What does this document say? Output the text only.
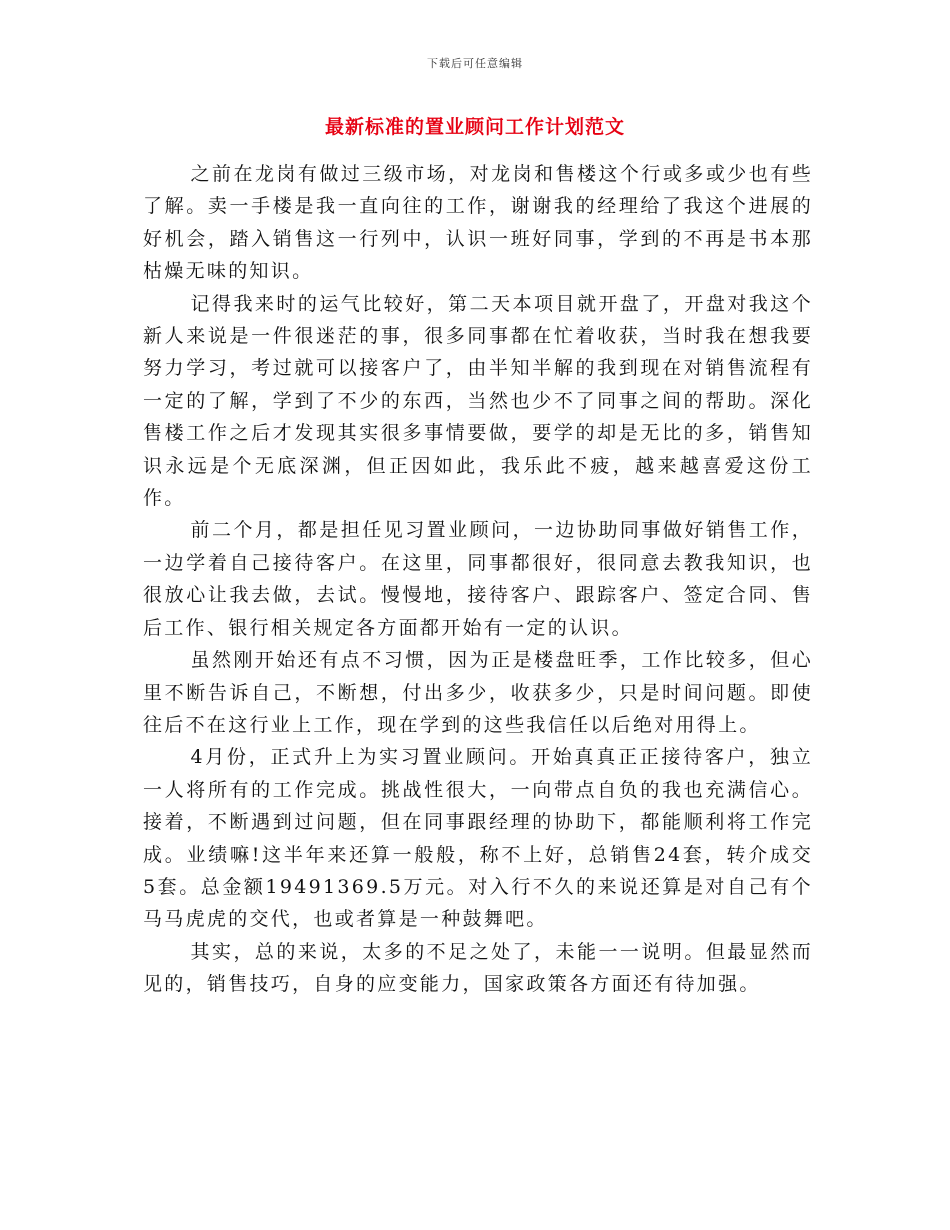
下载后可任意编辑
最新标准的置业顾问工作计划范文

之前在龙岗有做过三级市场，对龙岗和售楼这个行或多或少也有些了解。卖一手楼是我一直向往的工作，谢谢我的经理给了我这个进展的好机会，踏入销售这一行列中，认识一班好同事，学到的不再是书本那枯燥无味的知识。

记得我来时的运气比较好，第二天本项目就开盘了，开盘对我这个新人来说是一件很迷茫的事，很多同事都在忙着收获，当时我在想我要努力学习，考过就可以接客户了，由半知半解的我到现在对销售流程有一定的了解，学到了不少的东西，当然也少不了同事之间的帮助。深化售楼工作之后才发现其实很多事情要做，要学的却是无比的多，销售知识永远是个无底深渊，但正因如此，我乐此不疲，越来越喜爱这份工作。

前二个月，都是担任见习置业顾问，一边协助同事做好销售工作，一边学着自己接待客户。在这里，同事都很好，很同意去教我知识，也很放心让我去做，去试。慢慢地，接待客户、跟踪客户、签定合同、售后工作、银行相关规定各方面都开始有一定的认识。

虽然刚开始还有点不习惯，因为正是楼盘旺季，工作比较多，但心里不断告诉自己，不断想，付出多少，收获多少，只是时间问题。即使往后不在这行业上工作，现在学到的这些我信任以后绝对用得上。

4月份，正式升上为实习置业顾问。开始真真正正接待客户，独立一人将所有的工作完成。挑战性很大，一向带点自负的我也充满信心。接着，不断遇到过问题，但在同事跟经理的协助下，都能顺利将工作完成。业绩嘛!这半年来还算一般般，称不上好，总销售24套，转介成交5套。总金额19491369.5万元。对入行不久的来说还算是对自己有个马马虎虎的交代，也或者算是一种鼓舞吧。

其实，总的来说，太多的不足之处了，未能一一说明。但最显然而见的，销售技巧，自身的应变能力，国家政策各方面还有待加强。
